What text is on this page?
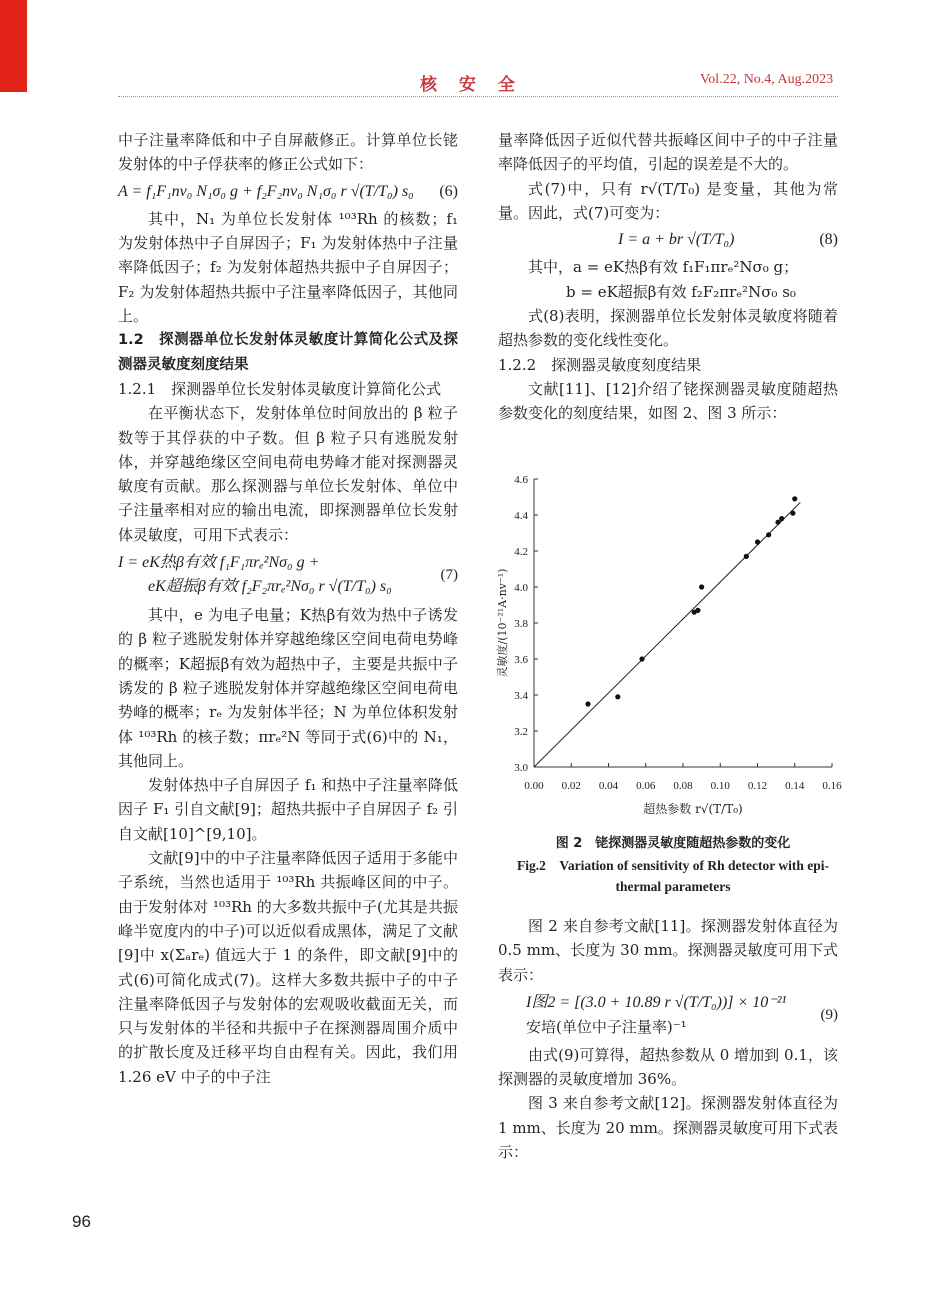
核 安 全	Vol.22, No.4, Aug.2023

中子注量率降低和中子自屏蔽修正。计算单位长铑发射体的中子俘获率的修正公式如下：

A = f₁F₁nv₀ N₁σ₀ g + f₂F₂nv₀ N₁σ₀ r √(T/T₀) s₀ (6)

其中，N₁ 为单位长发射体 ¹⁰³Rh 的核数；f₁ 为发射体热中子自屏因子；F₁ 为发射体热中子注量率降低因子；f₂ 为发射体超热共振中子自屏因子；F₂ 为发射体超热共振中子注量率降低因子，其他同上。

1.2　探测器单位长发射体灵敏度计算简化公式及探测器灵敏度刻度结果

1.2.1　探测器单位长发射体灵敏度计算简化公式

在平衡状态下，发射体单位时间放出的 β 粒子数等于其俘获的中子数。但 β 粒子只有逃脱发射体，并穿越绝缘区空间电荷电势峰才能对探测器灵敏度有贡献。那么探测器与单位长发射体、单位中子注量率相对应的输出电流，即探测器单位长发射体灵敏度，可用下式表示：

I = eK热β有效 f₁F₁πrₑ²Nσ₀ g +
eK超振β有效 f₂F₂πrₑ²Nσ₀ r √(T/T₀) s₀
(7)

其中，e 为电子电量；K热β有效为热中子诱发的 β 粒子逃脱发射体并穿越绝缘区空间电荷电势峰的概率；K超振β有效为超热中子，主要是共振中子诱发的 β 粒子逃脱发射体并穿越绝缘区空间电荷电势峰的概率；rₑ 为发射体半径；N 为单位体积发射体 ¹⁰³Rh 的核子数；πrₑ²N 等同于式(6)中的 N₁，其他同上。

发射体热中子自屏因子 f₁ 和热中子注量率降低因子 F₁ 引自文献[9]；超热共振中子自屏因子 f₂ 引自文献[10]^[9,10]。

文献[9]中的中子注量率降低因子适用于多能中子系统，当然也适用于 ¹⁰³Rh 共振峰区间的中子。由于发射体对 ¹⁰³Rh 的大多数共振中子(尤其是共振峰半宽度内的中子)可以近似看成黑体，满足了文献[9]中 x(Σₐrₑ) 值远大于 1 的条件，即文献[9]中的式(6)可简化成式(7)。这样大多数共振中子的中子注量率降低因子与发射体的宏观吸收截面无关，而只与发射体的半径和共振中子在探测器周围介质中的扩散长度及迁移平均自由程有关。因此，我们用 1.26 eV 中子的中子注

量率降低因子近似代替共振峰区间中子的中子注量率降低因子的平均值，引起的误差是不大的。

式(7)中，只有 r√(T/T₀) 是变量，其他为常量。因此，式(7)可变为：

I = a + br √(T/T₀)	(8)

其中，a = eK热β有效 f₁F₁πrₑ²Nσ₀ g；

b = eK超振β有效 f₂F₂πrₑ²Nσ₀ s₀

式(8)表明，探测器单位长发射体灵敏度将随着超热参数的变化线性变化。

1.2.2　探测器灵敏度刻度结果

文献[11]、[12]介绍了铑探测器灵敏度随超热参数变化的刻度结果，如图 2、图 3 所示：

0.00 0.02 0.04 0.06 0.08 0.10 0.12 0.14 0.16
3.0
3.2
3.4
3.6
3.8
4.0
4.2
4.4
4.6
超热参数 r√(T/T₀)
灵敏度/(10⁻²¹A·nv⁻¹)
图 2　铑探测器灵敏度随超热参数的变化
Fig.2　Variation of sensitivity of Rh detector with epi-thermal parameters

图 2 来自参考文献[11]。探测器发射体直径为 0.5 mm、长度为 30 mm。探测器灵敏度可用下式表示：

I图2 = [(3.0 + 10.89 r √(T/T₀))] × 10⁻²¹
安培(单位中子注量率)⁻¹
(9)

由式(9)可算得，超热参数从 0 增加到 0.1，该探测器的灵敏度增加 36%。

图 3 来自参考文献[12]。探测器发射体直径为 1 mm、长度为 20 mm。探测器灵敏度可用下式表示：

96
